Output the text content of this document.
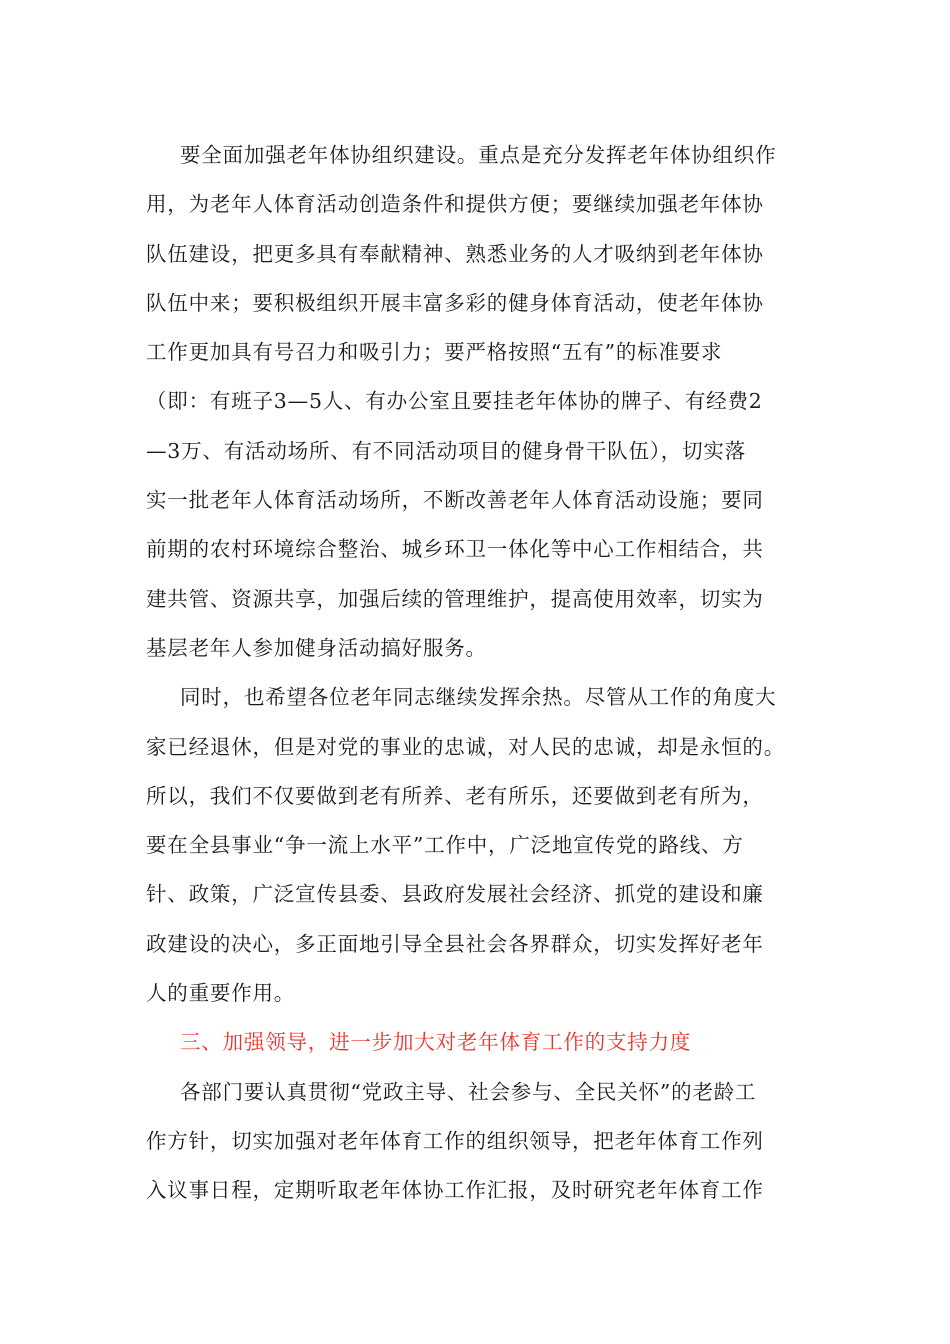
要全面加强老年体协组织建设。重点是充分发挥老年体协组织作
用，为老年人体育活动创造条件和提供方便；要继续加强老年体协
队伍建设，把更多具有奉献精神、熟悉业务的人才吸纳到老年体协
队伍中来；要积极组织开展丰富多彩的健身体育活动，使老年体协
工作更加具有号召力和吸引力；要严格按照“五有”的标准要求
（即：有班子3—5人、有办公室且要挂老年体协的牌子、有经费2
—3万、有活动场所、有不同活动项目的健身骨干队伍），切实落
实一批老年人体育活动场所，不断改善老年人体育活动设施；要同
前期的农村环境综合整治、城乡环卫一体化等中心工作相结合，共
建共管、资源共享，加强后续的管理维护，提高使用效率，切实为
基层老年人参加健身活动搞好服务。
同时，也希望各位老年同志继续发挥余热。尽管从工作的角度大
家已经退休，但是对党的事业的忠诚，对人民的忠诚，却是永恒的。
所以，我们不仅要做到老有所养、老有所乐，还要做到老有所为，
要在全县事业“争一流上水平”工作中，广泛地宣传党的路线、方
针、政策，广泛宣传县委、县政府发展社会经济、抓党的建设和廉
政建设的决心，多正面地引导全县社会各界群众，切实发挥好老年
人的重要作用。
三、加强领导，进一步加大对老年体育工作的支持力度
各部门要认真贯彻“党政主导、社会参与、全民关怀”的老龄工
作方针，切实加强对老年体育工作的组织领导，把老年体育工作列
入议事日程，定期听取老年体协工作汇报，及时研究老年体育工作
